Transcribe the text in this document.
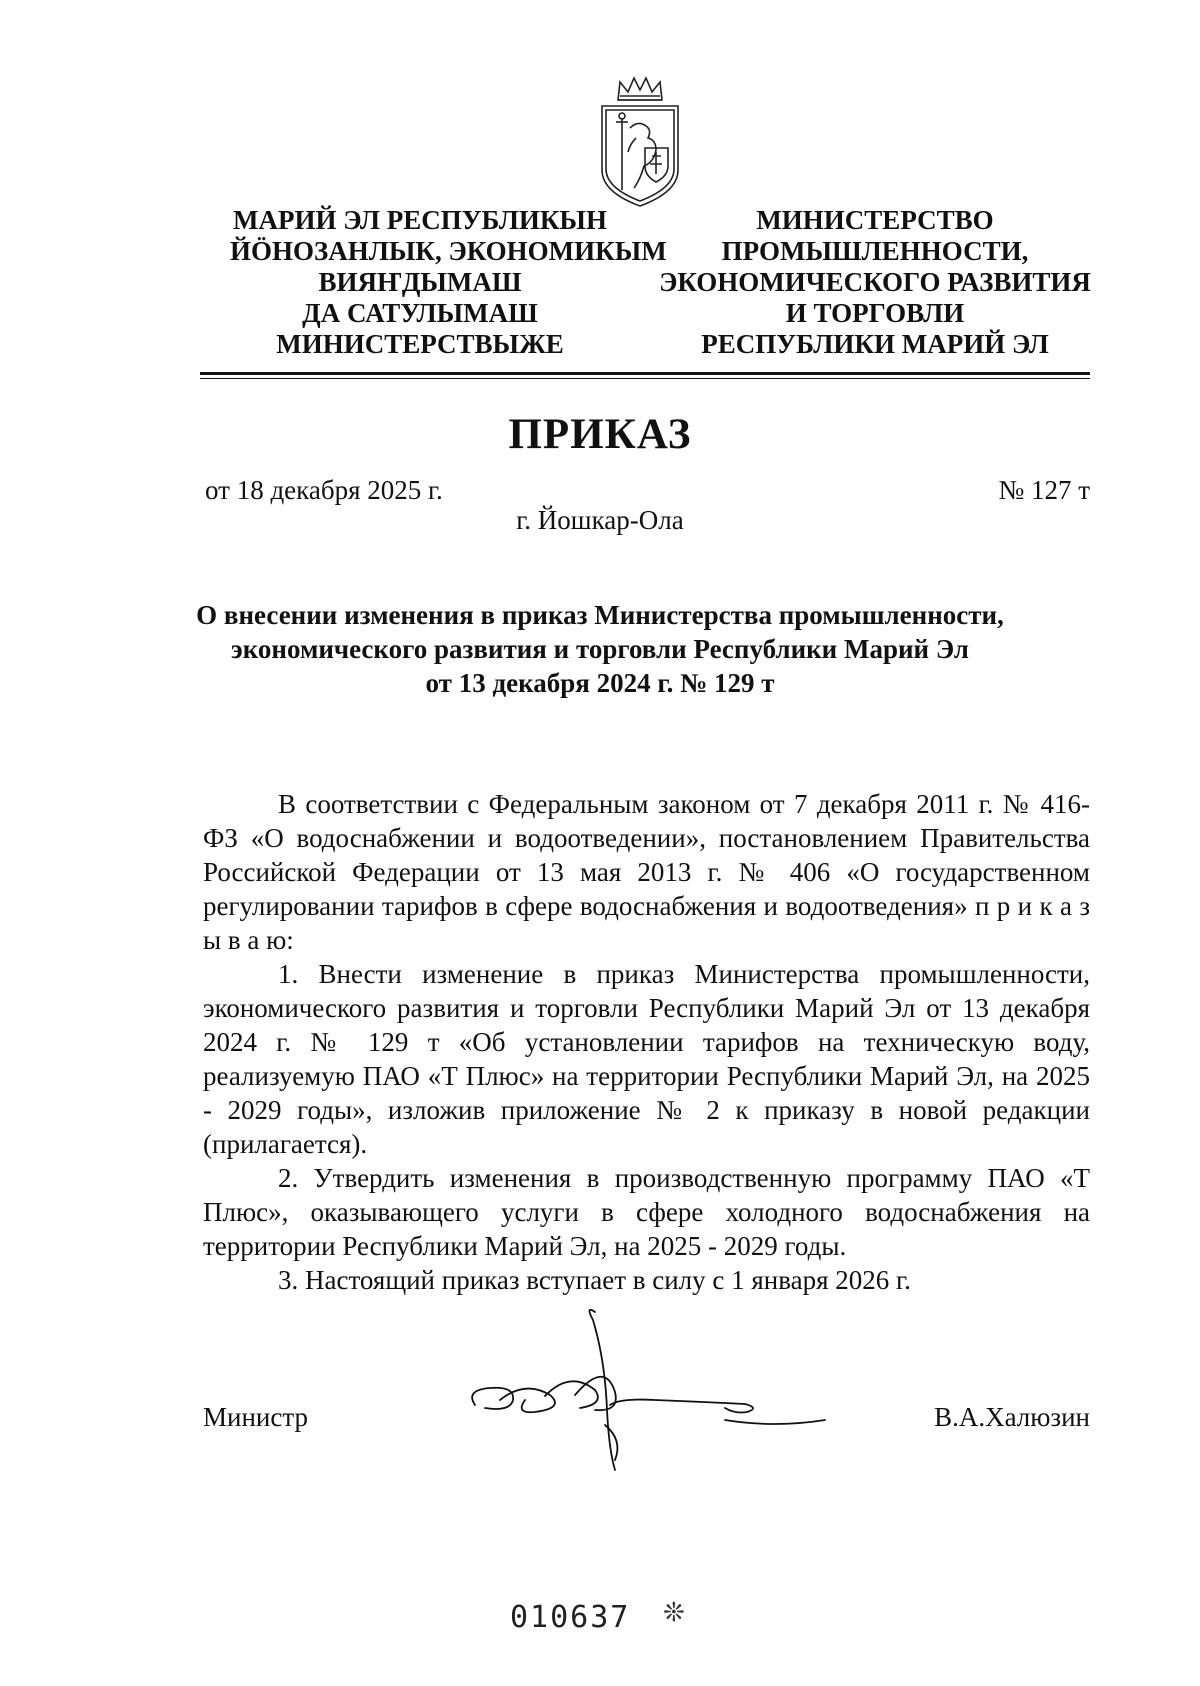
МАРИЙ ЭЛ РЕСПУБЛИКЫН
ЙӦНОЗАНЛЫК, ЭКОНОМИКЫМ
ВИЯҤДЫМАШ
ДА САТУЛЫМАШ
МИНИСТЕРСТВЫЖЕ
МИНИСТЕРСТВО
ПРОМЫШЛЕННОСТИ,
ЭКОНОМИЧЕСКОГО РАЗВИТИЯ
И ТОРГОВЛИ
РЕСПУБЛИКИ МАРИЙ ЭЛ
ПРИКАЗ
от 18 декабря 2025 г.	№ 127 т
г. Йошкар-Ола
О внесении изменения в приказ Министерства промышленности,
экономического развития и торговли Республики Марий Эл
от 13 декабря 2024 г. № 129 т

В соответствии с Федеральным законом от 7 декабря 2011 г. № 416-ФЗ «О водоснабжении и водоотведении», постановлением Правительства Российской Федерации от 13 мая 2013 г. № 406 «О государственном регулировании тарифов в сфере водоснабжения и водоотведения» п р и к а з ы в а ю:

1. Внести изменение в приказ Министерства промышленности, экономического развития и торговли Республики Марий Эл от 13 декабря 2024 г. № 129 т «Об установлении тарифов на техническую воду, реализуемую ПАО «Т Плюс» на территории Республики Марий Эл, на 2025 - 2029 годы», изложив приложение № 2 к приказу в новой редакции (прилагается).

2. Утвердить изменения в производственную программу ПАО «Т Плюс», оказывающего услуги в сфере холодного водоснабжения на территории Республики Марий Эл, на 2025 - 2029 годы.

3. Настоящий приказ вступает в силу с 1 января 2026 г.

Министр	В.А.Халюзин
010637 ❊
